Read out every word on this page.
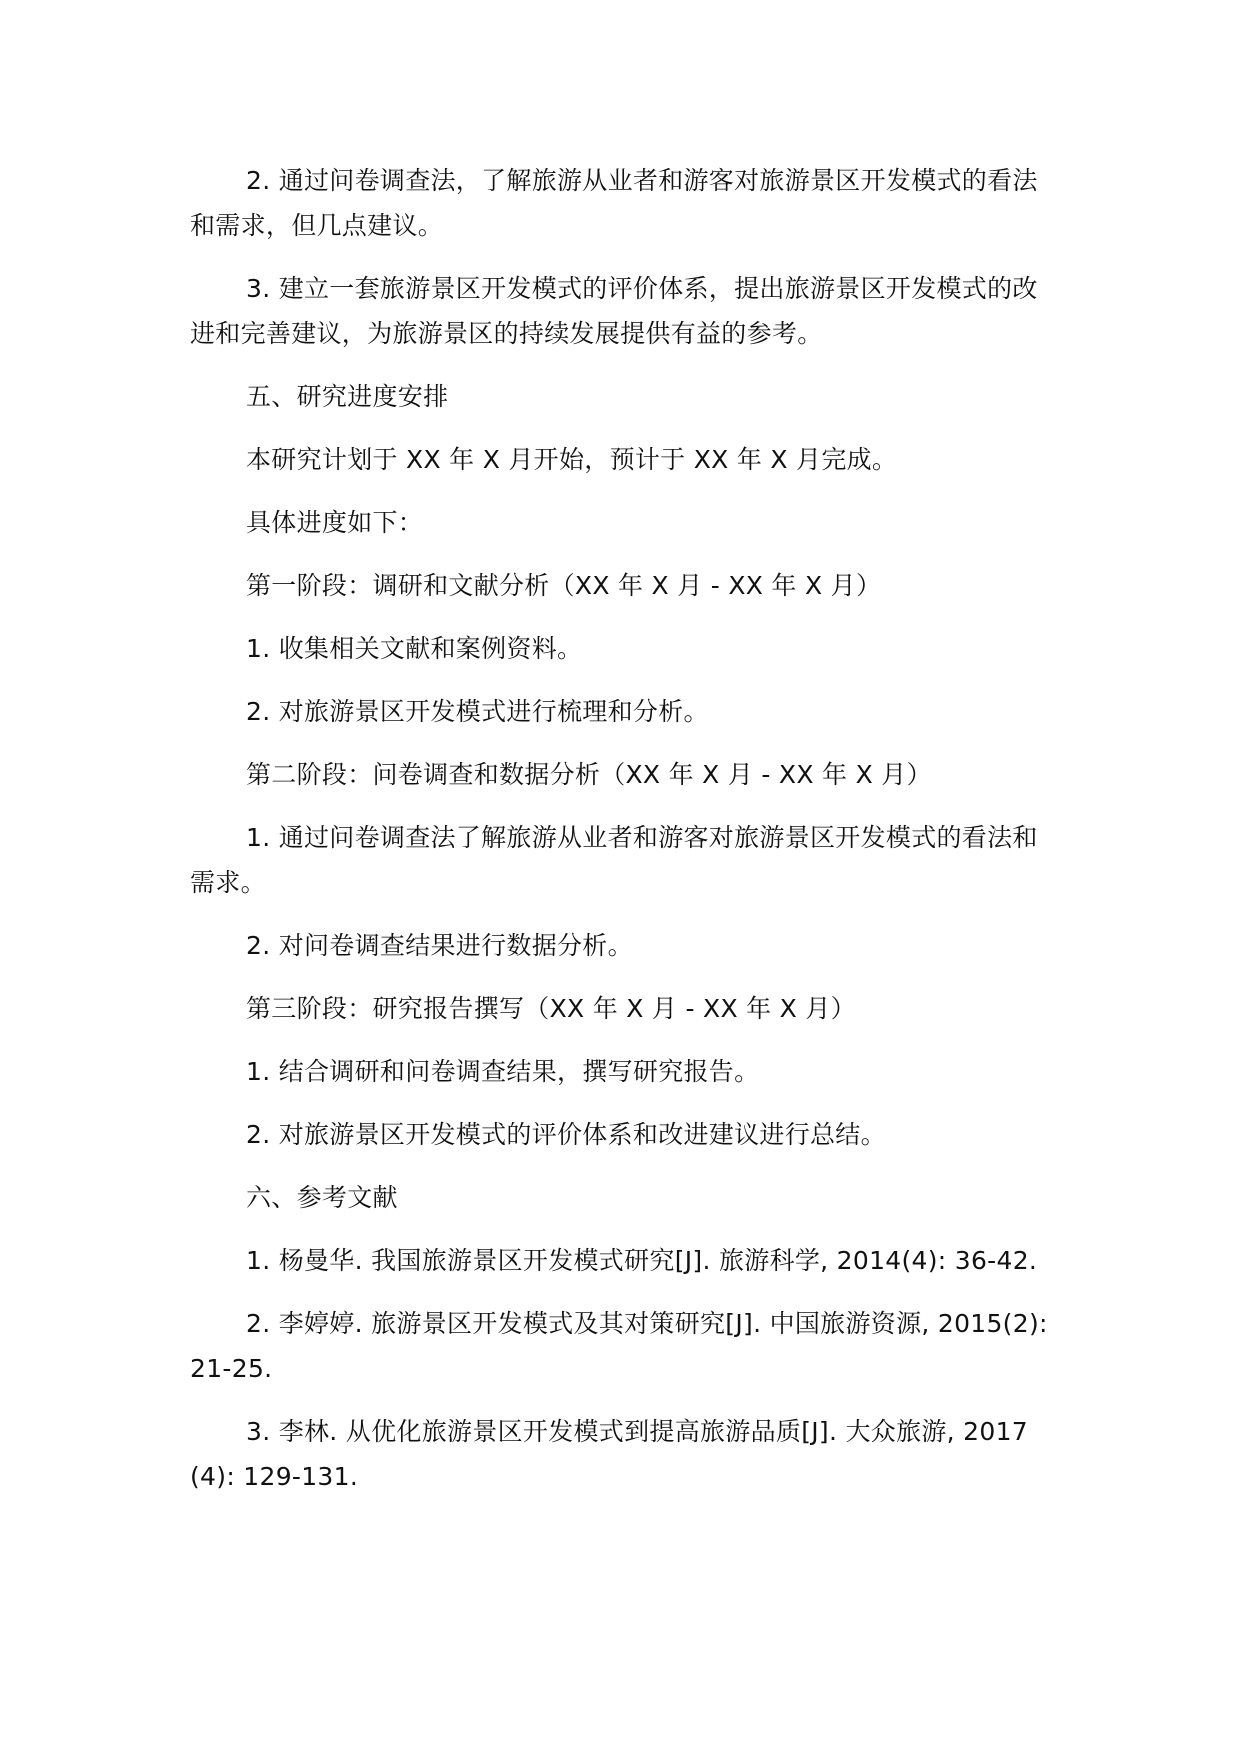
2. 通过问卷调查法，了解旅游从业者和游客对旅游景区开发模式的看法和需求，但几点建议。

3. 建立一套旅游景区开发模式的评价体系，提出旅游景区开发模式的改进和完善建议，为旅游景区的持续发展提供有益的参考。

五、研究进度安排

本研究计划于 XX 年 X 月开始，预计于 XX 年 X 月完成。

具体进度如下：

第一阶段：调研和文献分析（XX 年 X 月 - XX 年 X 月）

1. 收集相关文献和案例资料。

2. 对旅游景区开发模式进行梳理和分析。

第二阶段：问卷调查和数据分析（XX 年 X 月 - XX 年 X 月）

1. 通过问卷调查法了解旅游从业者和游客对旅游景区开发模式的看法和需求。

2. 对问卷调查结果进行数据分析。

第三阶段：研究报告撰写（XX 年 X 月 - XX 年 X 月）

1. 结合调研和问卷调查结果，撰写研究报告。

2. 对旅游景区开发模式的评价体系和改进建议进行总结。

六、参考文献

1. 杨曼华. 我国旅游景区开发模式研究[J]. 旅游科学, 2014(4): 36-42.

2. 李婷婷. 旅游景区开发模式及其对策研究[J]. 中国旅游资源, 2015(2): 21-25.

3. 李林. 从优化旅游景区开发模式到提高旅游品质[J]. 大众旅游, 2017(4): 129-131.
